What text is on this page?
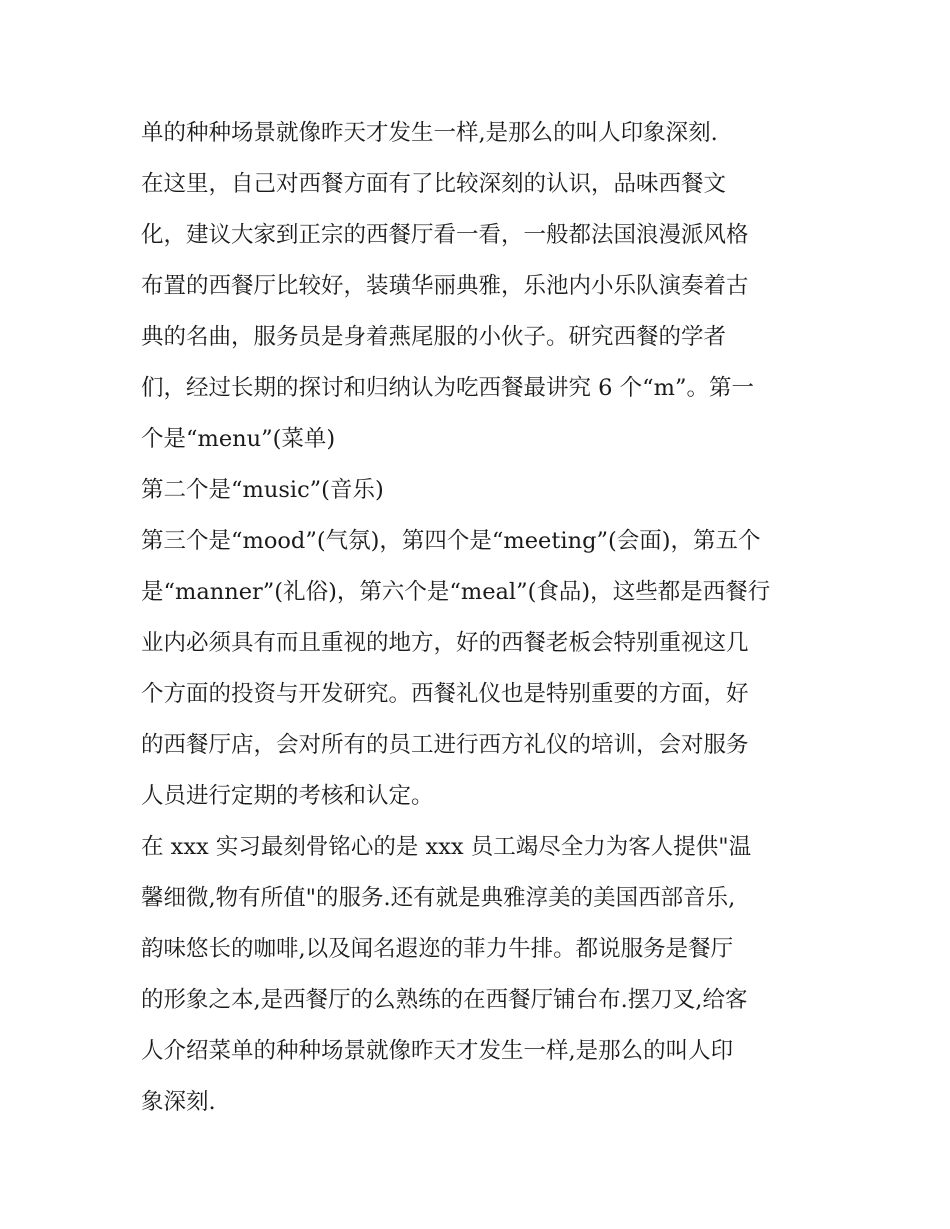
单的种种场景就像昨天才发生一样,是那么的叫人印象深刻.
在这里，自己对西餐方面有了比较深刻的认识，品味西餐文
化，建议大家到正宗的西餐厅看一看，一般都法国浪漫派风格
布置的西餐厅比较好，装璜华丽典雅，乐池内小乐队演奏着古
典的名曲，服务员是身着燕尾服的小伙子。研究西餐的学者
们，经过长期的探讨和归纳认为吃西餐最讲究 6 个“m”。第一
个是“menu”(菜单)
第二个是“music”(音乐)
第三个是“mood”(气氛)，第四个是“meeting”(会面)，第五个
是“manner”(礼俗)，第六个是“meal”(食品)，这些都是西餐行
业内必须具有而且重视的地方，好的西餐老板会特别重视这几
个方面的投资与开发研究。西餐礼仪也是特别重要的方面，好
的西餐厅店，会对所有的员工进行西方礼仪的培训，会对服务
人员进行定期的考核和认定。
在 xxx 实习最刻骨铭心的是 xxx 员工竭尽全力为客人提供"温
馨细微,物有所值"的服务.还有就是典雅淳美的美国西部音乐,
韵味悠长的咖啡,以及闻名遐迩的菲力牛排。都说服务是餐厅
的形象之本,是西餐厅的么熟练的在西餐厅铺台布.摆刀叉,给客
人介绍菜单的种种场景就像昨天才发生一样,是那么的叫人印
象深刻.
